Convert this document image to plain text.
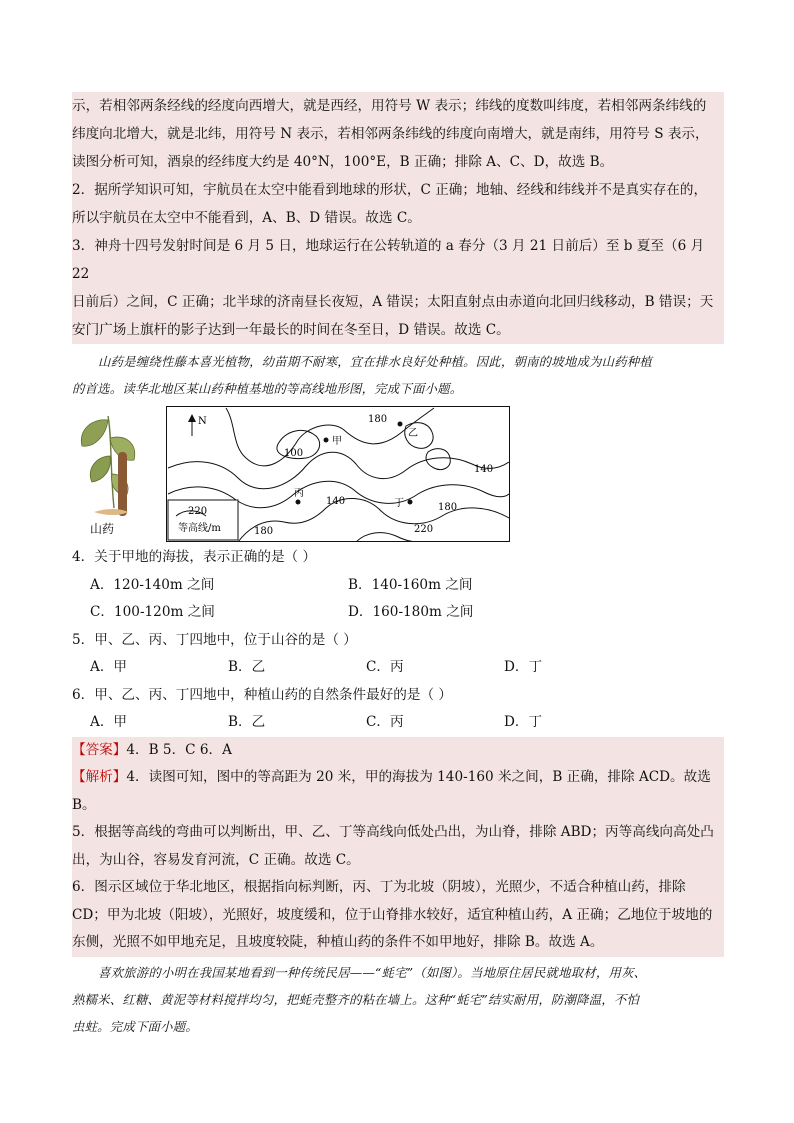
示，若相邻两条经线的经度向西增大，就是西经，用符号 W 表示；纬线的度数叫纬度，若相邻两条纬线的

纬度向北增大，就是北纬，用符号 N 表示，若相邻两条纬线的纬度向南增大，就是南纬，用符号 S 表示，

读图分析可知，酒泉的经纬度大约是 40°N，100°E，B 正确；排除 A、C、D，故选 B。

2．据所学知识可知，宇航员在太空中能看到地球的形状，C 正确；地轴、经线和纬线并不是真实存在的，

所以宇航员在太空中不能看到，A、B、D 错误。故选 C。

3．神舟十四号发射时间是 6 月 5 日，地球运行在公转轨道的 a 春分（3 月 21 日前后）至 b 夏至（6 月 22

日前后）之间，C 正确；北半球的济南昼长夜短，A 错误；太阳直射点由赤道向北回归线移动，B 错误；天

安门广场上旗杆的影子达到一年最长的时间在冬至日，D 错误。故选 C。

山药是缠绕性藤本喜光植物，幼苗期不耐寒，宜在排水良好处种植。因此，朝南的坡地成为山药种植

的首选。读华北地区某山药种植基地的等高线地形图，完成下面小题。

山药
N
220
等高线/m
180
100
140
140
180
180	220
甲
乙
丙
丁

4．关于甲地的海拔，表示正确的是（ ）

A．120-140m 之间	B．140-160m 之间
C．100-120m 之间	D．160-180m 之间

5．甲、乙、丙、丁四地中，位于山谷的是（ ）

A．甲	B．乙	C．丙	D．丁

6．甲、乙、丙、丁四地中，种植山药的自然条件最好的是（ ）

A．甲	B．乙	C．丙	D．丁

【答案】4．B 5．C 6．A

【解析】4．读图可知，图中的等高距为 20 米，甲的海拔为 140-160 米之间，B 正确，排除 ACD。故选 B。

5．根据等高线的弯曲可以判断出，甲、乙、丁等高线向低处凸出，为山脊，排除 ABD；丙等高线向高处凸

出，为山谷，容易发育河流，C 正确。故选 C。

6．图示区域位于华北地区，根据指向标判断，丙、丁为北坡（阴坡），光照少，不适合种植山药，排除

CD；甲为北坡（阳坡），光照好，坡度缓和，位于山脊排水较好，适宜种植山药，A 正确；乙地位于坡地的

东侧，光照不如甲地充足，且坡度较陡，种植山药的条件不如甲地好，排除 B。故选 A。

喜欢旅游的小明在我国某地看到一种传统民居——“蚝宅”（如图）。当地原住居民就地取材，用灰、

熟糯米、红糖、黄泥等材料搅拌均匀，把蚝壳整齐的粘在墙上。这种“蚝宅”结实耐用，防潮降温，不怕

虫蛀。完成下面小题。
